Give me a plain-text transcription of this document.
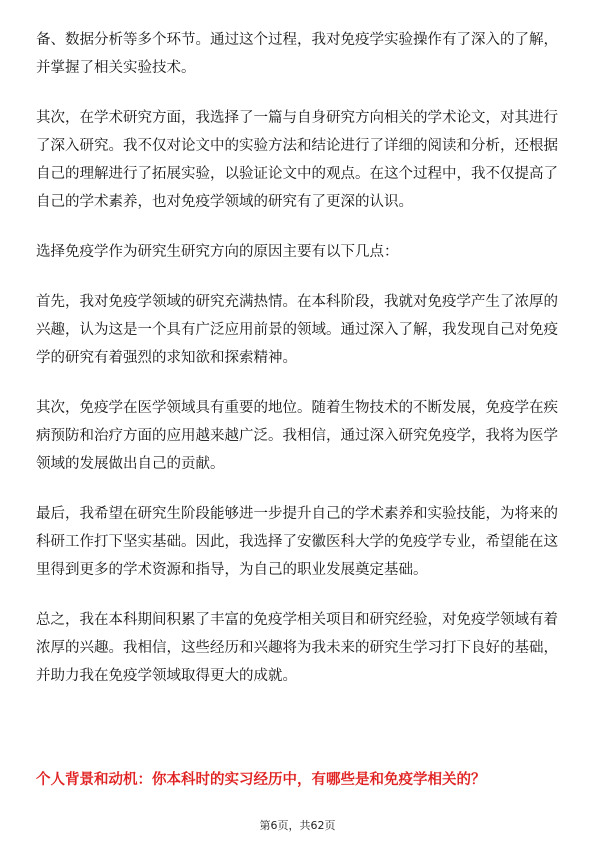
备、数据分析等多个环节。通过这个过程，我对免疫学实验操作有了深入的了解，
并掌握了相关实验技术。

其次，在学术研究方面，我选择了一篇与自身研究方向相关的学术论文，对其进行
了深入研究。我不仅对论文中的实验方法和结论进行了详细的阅读和分析，还根据
自己的理解进行了拓展实验，以验证论文中的观点。在这个过程中，我不仅提高了
自己的学术素养，也对免疫学领域的研究有了更深的认识。

选择免疫学作为研究生研究方向的原因主要有以下几点：

首先，我对免疫学领域的研究充满热情。在本科阶段，我就对免疫学产生了浓厚的
兴趣，认为这是一个具有广泛应用前景的领域。通过深入了解，我发现自己对免疫
学的研究有着强烈的求知欲和探索精神。

其次，免疫学在医学领域具有重要的地位。随着生物技术的不断发展，免疫学在疾
病预防和治疗方面的应用越来越广泛。我相信，通过深入研究免疫学，我将为医学
领域的发展做出自己的贡献。

最后，我希望在研究生阶段能够进一步提升自己的学术素养和实验技能，为将来的
科研工作打下坚实基础。因此，我选择了安徽医科大学的免疫学专业，希望能在这
里得到更多的学术资源和指导，为自己的职业发展奠定基础。

总之，我在本科期间积累了丰富的免疫学相关项目和研究经验，对免疫学领域有着
浓厚的兴趣。我相信，这些经历和兴趣将为我未来的研究生学习打下良好的基础，
并助力我在免疫学领域取得更大的成就。

个人背景和动机：你本科时的实习经历中，有哪些是和免疫学相关的？
第6页，共62页
